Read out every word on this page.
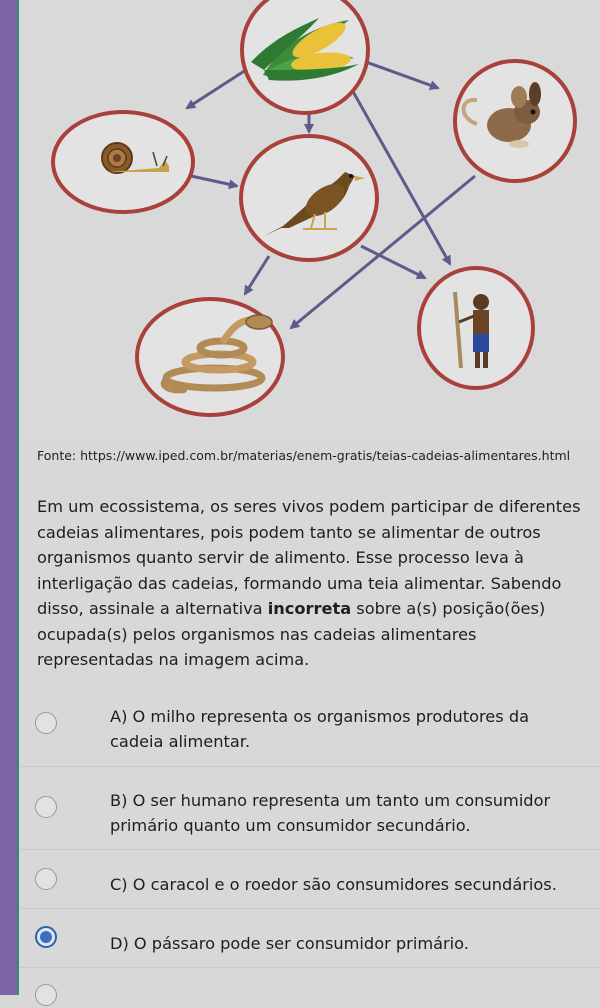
Fonte: https://www.iped.com.br/materias/enem-gratis/teias-cadeias-alimentares.html
Em um ecossistema, os seres vivos podem participar de diferentes cadeias alimentares, pois podem tanto se alimentar de outros organismos quanto servir de alimento. Esse processo leva à interligação das cadeias, formando uma teia alimentar. Sabendo disso, assinale a alternativa incorreta sobre a(s) posição(ões) ocupada(s) pelos organismos nas cadeias alimentares representadas na imagem acima.
A) O milho representa os organismos produtores da cadeia alimentar.
B) O ser humano representa um tanto um consumidor primário quanto um consumidor secundário.
C) O caracol e o roedor são consumidores secundários.
D) O pássaro pode ser consumidor primário.
